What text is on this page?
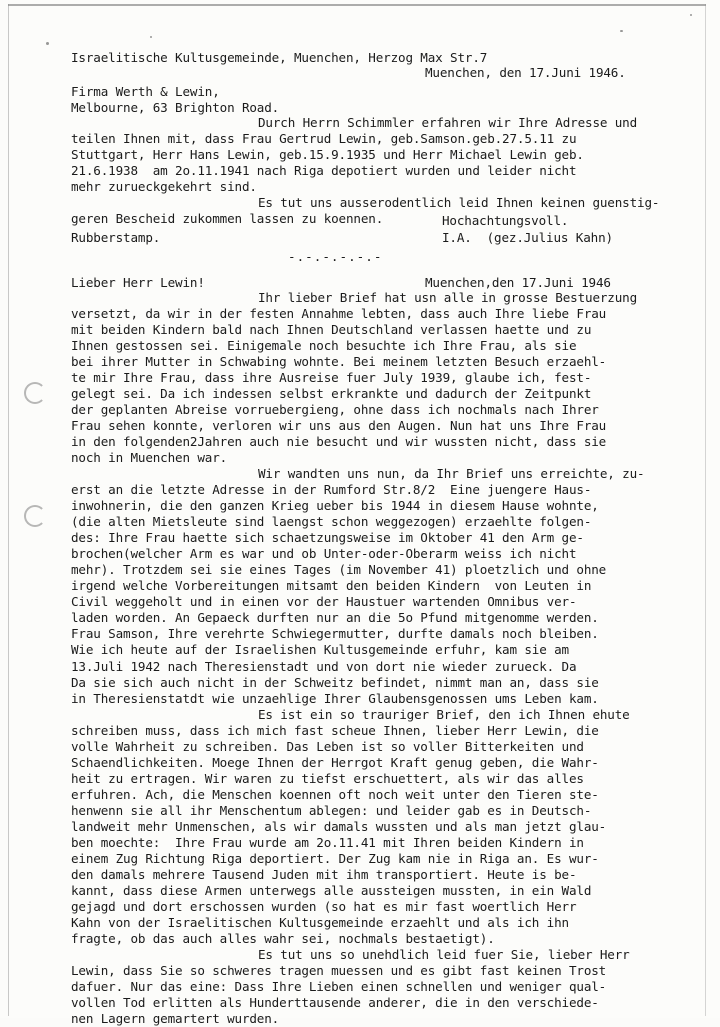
Israelitische Kultusgemeinde, Muenchen, Herzog Max Str.7
Muenchen, den 17.Juni 1946.
Firma Werth & Lewin,
Melbourne, 63 Brighton Road.
Durch Herrn Schimmler erfahren wir Ihre Adresse und
teilen Ihnen mit, dass Frau Gertrud Lewin, geb.Samson.geb.27.5.11 zu
Stuttgart, Herr Hans Lewin, geb.15.9.1935 und Herr Michael Lewin geb.
21.6.1938  am 2o.11.1941 nach Riga depotiert wurden und leider nicht
mehr zurueckgekehrt sind.
Es tut uns ausserodentlich leid Ihnen keinen guenstig-
geren Bescheid zukommen lassen zu koennen.	Hochachtungsvoll.
Rubberstamp.	I.A.  (gez.Julius Kahn)
-.-.-.-.-.-
Lieber Herr Lewin!	Muenchen,den 17.Juni 1946
Ihr lieber Brief hat usn alle in grosse Bestuerzung
versetzt, da wir in der festen Annahme lebten, dass auch Ihre liebe Frau
mit beiden Kindern bald nach Ihnen Deutschland verlassen haette und zu
Ihnen gestossen sei. Einigemale noch besuchte ich Ihre Frau, als sie
bei ihrer Mutter in Schwabing wohnte. Bei meinem letzten Besuch erzaehl-
te mir Ihre Frau, dass ihre Ausreise fuer July 1939, glaube ich, fest-
gelegt sei. Da ich indessen selbst erkrankte und dadurch der Zeitpunkt
der geplanten Abreise vorruebergieng, ohne dass ich nochmals nach Ihrer
Frau sehen konnte, verloren wir uns aus den Augen. Nun hat uns Ihre Frau
in den folgenden2Jahren auch nie besucht und wir wussten nicht, dass sie
noch in Muenchen war.
Wir wandten uns nun, da Ihr Brief uns erreichte, zu-
erst an die letzte Adresse in der Rumford Str.8/2  Eine juengere Haus-
inwohnerin, die den ganzen Krieg ueber bis 1944 in diesem Hause wohnte,
(die alten Mietsleute sind laengst schon weggezogen) erzaehlte folgen-
des: Ihre Frau haette sich schaetzungsweise im Oktober 41 den Arm ge-
brochen(welcher Arm es war und ob Unter-oder-Oberarm weiss ich nicht
mehr). Trotzdem sei sie eines Tages (im November 41) ploetzlich und ohne
irgend welche Vorbereitungen mitsamt den beiden Kindern  von Leuten in
Civil weggeholt und in einen vor der Haustuer wartenden Omnibus ver-
laden worden. An Gepaeck durften nur an die 5o Pfund mitgenomme werden.
Frau Samson, Ihre verehrte Schwiegermutter, durfte damals noch bleiben.
Wie ich heute auf der Israelishen Kultusgemeinde erfuhr, kam sie am
13.Juli 1942 nach Theresienstadt und von dort nie wieder zurueck. Da
Da sie sich auch nicht in der Schweitz befindet, nimmt man an, dass sie
in Theresienstatdt wie unzaehlige Ihrer Glaubensgenossen ums Leben kam.
Es ist ein so trauriger Brief, den ich Ihnen ehute
schreiben muss, dass ich mich fast scheue Ihnen, lieber Herr Lewin, die
volle Wahrheit zu schreiben. Das Leben ist so voller Bitterkeiten und
Schaendlichkeiten. Moege Ihnen der Herrgot Kraft genug geben, die Wahr-
heit zu ertragen. Wir waren zu tiefst erschuettert, als wir das alles
erfuhren. Ach, die Menschen koennen oft noch weit unter den Tieren ste-
henwenn sie all ihr Menschentum ablegen: und leider gab es in Deutsch-
landweit mehr Unmenschen, als wir damals wussten und als man jetzt glau-
ben moechte:  Ihre Frau wurde am 2o.11.41 mit Ihren beiden Kindern in
einem Zug Richtung Riga deportiert. Der Zug kam nie in Riga an. Es wur-
den damals mehrere Tausend Juden mit ihm transportiert. Heute is be-
kannt, dass diese Armen unterwegs alle aussteigen mussten, in ein Wald
gejagd und dort erschossen wurden (so hat es mir fast woertlich Herr
Kahn von der Israelitischen Kultusgemeinde erzaehlt und als ich ihn
fragte, ob das auch alles wahr sei, nochmals bestaetigt).
Es tut uns so unehdlich leid fuer Sie, lieber Herr
Lewin, dass Sie so schweres tragen muessen und es gibt fast keinen Trost
dafuer. Nur das eine: Dass Ihre Lieben einen schnellen und weniger qual-
vollen Tod erlitten als Hunderttausende anderer, die in den verschiede-
nen Lagern gemartert wurden.
